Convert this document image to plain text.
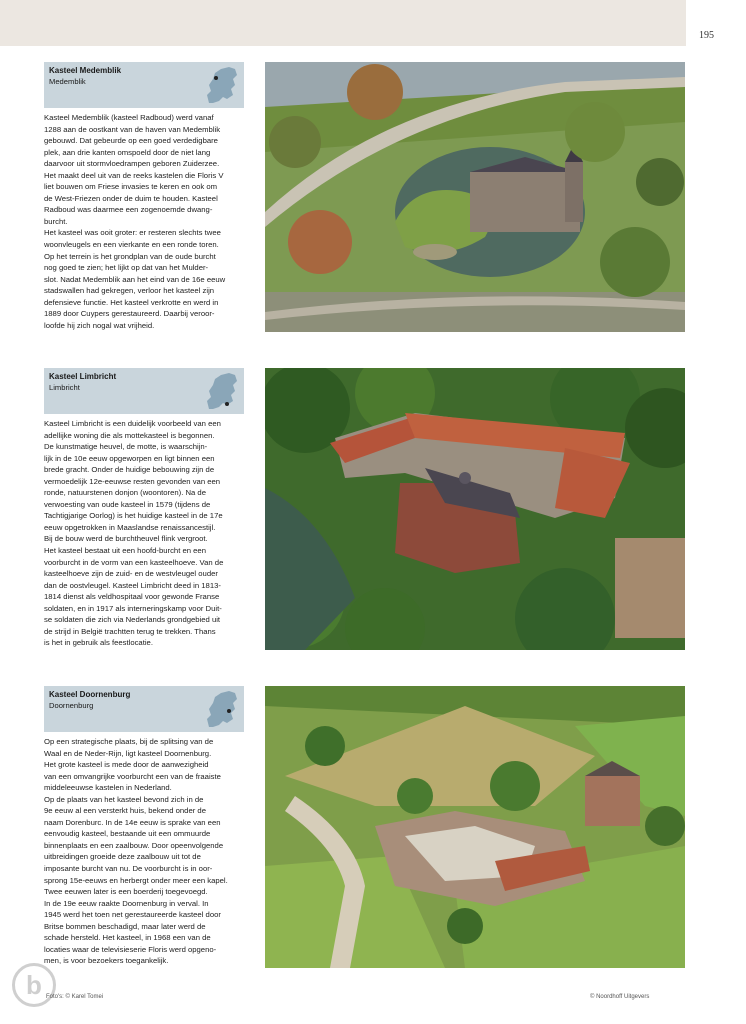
195
Kasteel Medemblik
Medemblik

Kasteel Medemblik (kasteel Radboud) werd vanaf

1288 aan de oostkant van de haven van Medemblik

gebouwd. Dat gebeurde op een goed verdedigbare

plek, aan drie kanten omspoeld door de niet lang

daarvoor uit stormvloedrampen geboren Zuiderzee.

Het maakt deel uit van de reeks kastelen die Floris V

liet bouwen om Friese invasies te keren en ook om

de West-Friezen onder de duim te houden. Kasteel

Radboud was daarmee een zogenoemde dwang-

burcht.

Het kasteel was ooit groter: er resteren slechts twee

woonvleugels en een vierkante en een ronde toren.

Op het terrein is het grondplan van de oude burcht

nog goed te zien; het lijkt op dat van het Mulder-

slot. Nadat Medemblik aan het eind van de 16e eeuw

stadswallen had gekregen, verloor het kasteel zijn

defensieve functie. Het kasteel verkrotte en werd in

1889 door Cuypers gerestaureerd. Daarbij veroor-

loofde hij zich nogal wat vrijheid.

Kasteel Limbricht
Limbricht

Kasteel Limbricht is een duidelijk voorbeeld van een

adellijke woning die als mottekasteel is begonnen.

De kunstmatige heuvel, de motte, is waarschijn-

lijk in de 10e eeuw opgeworpen en ligt binnen een

brede gracht. Onder de huidige bebouwing zijn de

vermoedelijk 12e-eeuwse resten gevonden van een

ronde, natuurstenen donjon (woontoren). Na de

verwoesting van oude kasteel in 1579 (tijdens de

Tachtigjarige Oorlog) is het huidige kasteel in de 17e

eeuw opgetrokken in Maaslandse renaissancestijl.

Bij de bouw werd de burchtheuvel flink vergroot.

Het kasteel bestaat uit een hoofd-burcht en een

voorburcht in de vorm van een kasteelhoeve. Van de

kasteelhoeve zijn de zuid- en de westvleugel ouder

dan de oostvleugel. Kasteel Limbricht deed in 1813-

1814 dienst als veldhospitaal voor gewonde Franse

soldaten, en in 1917 als interneringskamp voor Duit-

se soldaten die zich via Nederlands grondgebied uit

de strijd in België trachtten terug te trekken. Thans

is het in gebruik als feestlocatie.

Kasteel Doornenburg
Doornenburg

Op een strategische plaats, bij de splitsing van de

Waal en de Neder-Rijn, ligt kasteel Doornenburg.

Het grote kasteel is mede door de aanwezigheid

van een omvangrijke voorburcht een van de fraaiste

middeleeuwse kastelen in Nederland.

Op de plaats van het kasteel bevond zich in de

9e eeuw al een versterkt huis, bekend onder de

naam Dorenburc. In de 14e eeuw is sprake van een

eenvoudig kasteel, bestaande uit een ommuurde

binnenplaats en een zaalbouw. Door opeenvolgende

uitbreidingen groeide deze zaalbouw uit tot de

imposante burcht van nu. De voorburcht is in oor-

sprong 15e-eeuws en herbergt onder meer een kapel.

Twee eeuwen later is een boerderij toegevoegd.

In de 19e eeuw raakte Doornenburg in verval. In

1945 werd het toen net gerestaureerde kasteel door

Britse bommen beschadigd, maar later werd de

schade hersteld. Het kasteel, in 1968 een van de

locaties waar de televisieserie Floris werd opgeno-

men, is voor bezoekers toegankelijk.

b Foto's: © Karel Tomei	© Noordhoff Uitgevers
